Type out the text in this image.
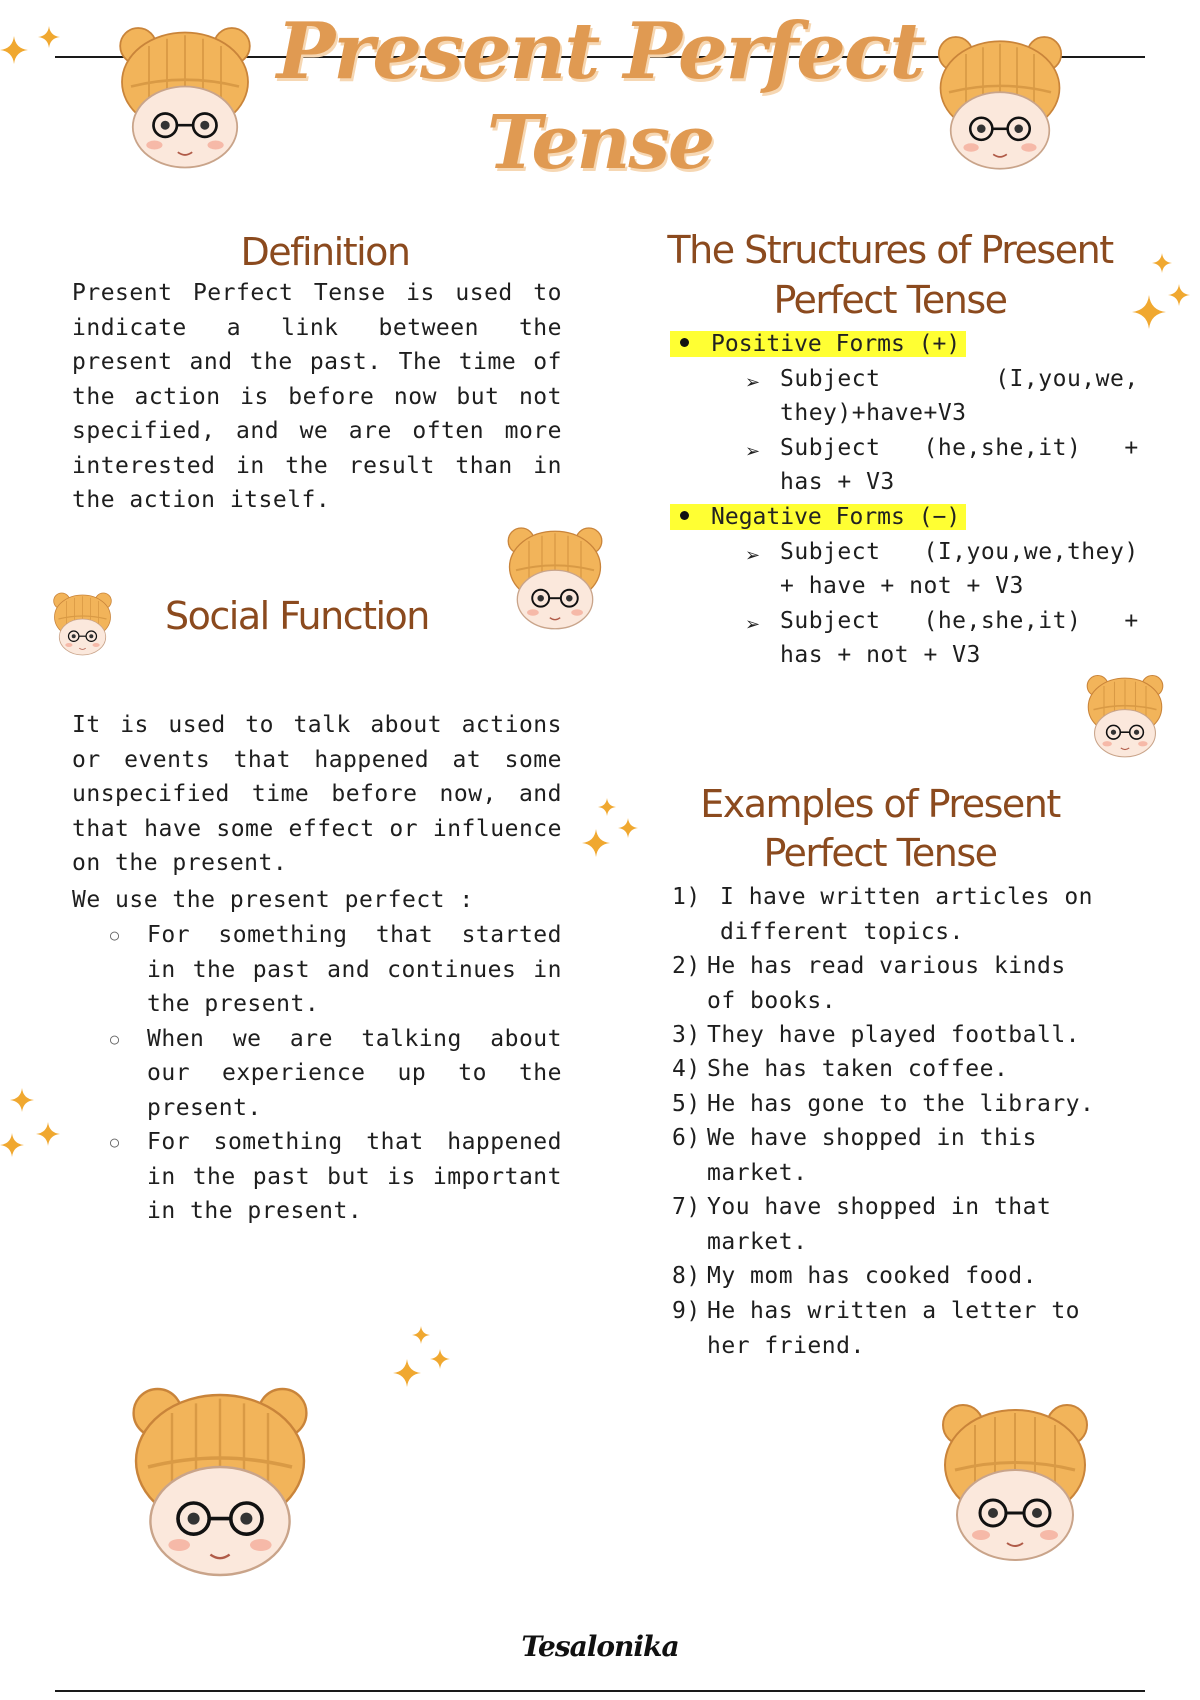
Present Perfect
Tense
Definition
Present Perfect Tense is used to indicate a link between the present and the past. The time of the action is before now but not specified, and we are often more interested in the result than in the action itself.
Social Function
It is used to talk about actions or events that happened at some unspecified time before now, and that have some effect or influence on the present.
We use the present perfect :
○ For something that started in the past and continues in the present.
○ When we are talking about our experience up to the present.
○ For something that happened in the past but is important in the present.
The Structures of Present
Perfect Tense
Positive Forms (+)
➢ Subject        (I,you,we,
they)+have+V3
➢ Subject   (he,she,it)   +
has + V3
Negative Forms (−)
➢ Subject   (I,you,we,they)
+ have + not + V3
➢ Subject   (he,she,it)   +
has + not + V3
Examples of Present
Perfect Tense
1) I have written articles on different topics.
2) He has read various kinds of books.
3) They have played football.
4) She has taken coffee.
5) He has gone to the library.
6) We have shopped in this market.
7) You have shopped in that market.
8) My mom has cooked food.
9) He has written a letter to her friend.
Tesalonika
